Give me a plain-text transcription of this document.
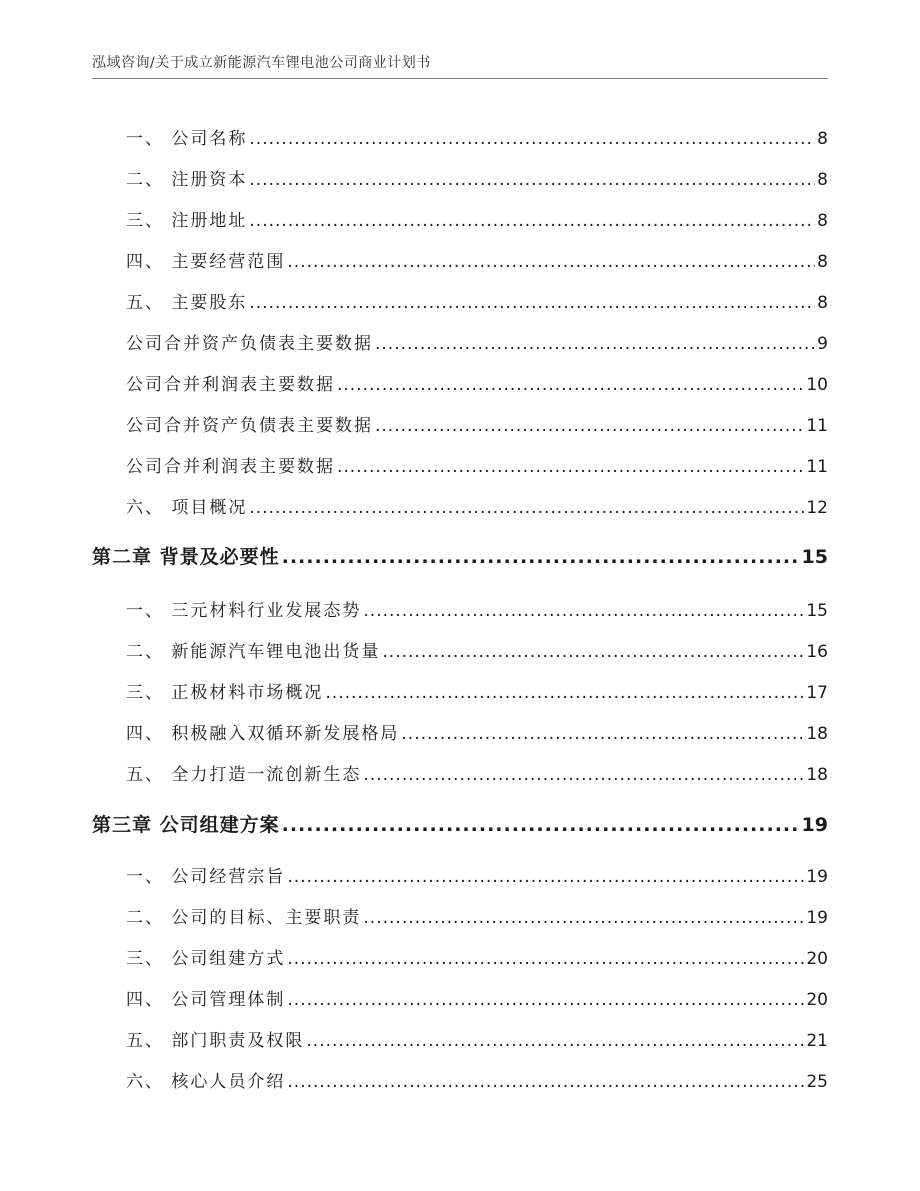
泓域咨询/关于成立新能源汽车锂电池公司商业计划书
一、 公司名称 .....	8
二、 注册资本 .....	8
三、 注册地址 .....	8
四、 主要经营范围 .....	8
五、 主要股东 .....	8
公司合并资产负债表主要数据 .....	9
公司合并利润表主要数据 .....	10
公司合并资产负债表主要数据 .....	11
公司合并利润表主要数据 .....	11
六、 项目概况 .....	12
第二章 背景及必要性 .....	15
一、 三元材料行业发展态势 .....	15
二、 新能源汽车锂电池出货量 .....	16
三、 正极材料市场概况 .....	17
四、 积极融入双循环新发展格局 .....	18
五、 全力打造一流创新生态 .....	18
第三章 公司组建方案 .....	19
一、 公司经营宗旨 .....	19
二、 公司的目标、主要职责 .....	19
三、 公司组建方式 .....	20
四、 公司管理体制 .....	20
五、 部门职责及权限 .....	21
六、 核心人员介绍 .....	25
